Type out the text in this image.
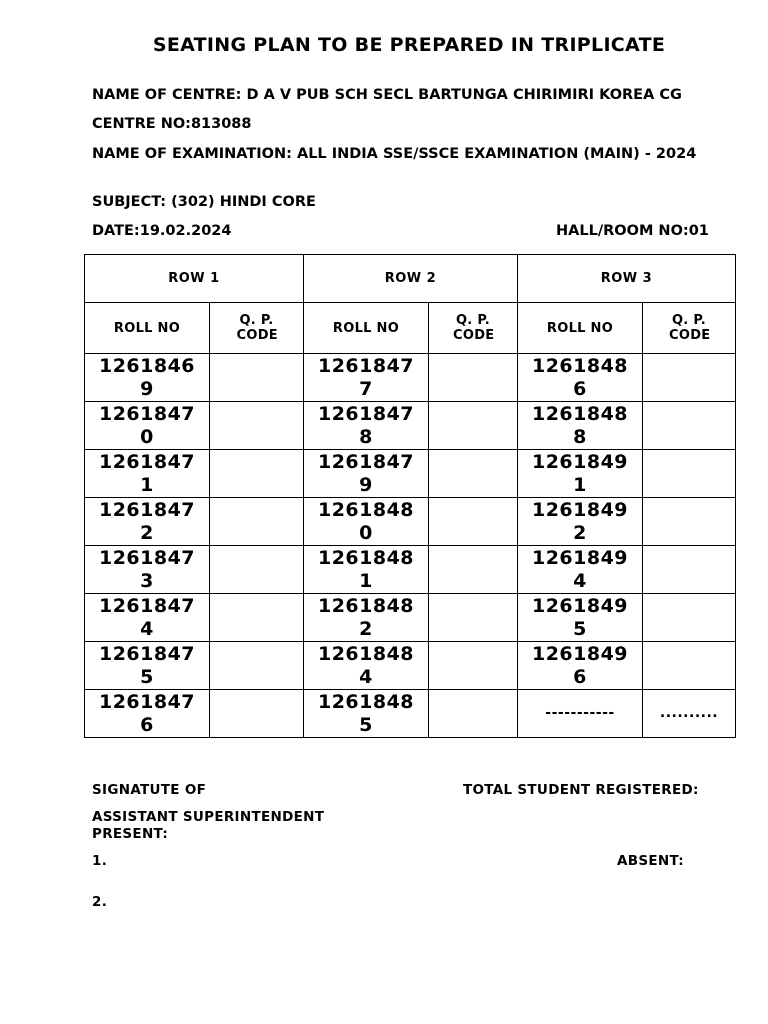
SEATING PLAN TO BE PREPARED IN TRIPLICATE
NAME OF CENTRE: D A V PUB SCH SECL BARTUNGA CHIRIMIRI KOREA CG
CENTRE NO:813088
NAME OF EXAMINATION: ALL INDIA SSE/SSCE EXAMINATION (MAIN) - 2024
SUBJECT: (302) HINDI CORE
DATE:19.02.2024	HALL/ROOM NO:01
ROW 1		ROW 2		ROW 3	
ROLL NO	Q. P. CODE	ROLL NO	Q. P. CODE	ROLL NO	Q. P. CODE
12618469		12618477		12618486	
12618470		12618478		12618488	
12618471		12618479		12618491	
12618472		12618480		12618492	
12618473		12618481		12618494	
12618474		12618482		12618495	
12618475		12618484		12618496	
12618476		12618485		-----------	..........
SIGNATUTE OF	TOTAL STUDENT REGISTERED:
ASSISTANT SUPERINTENDENT
PRESENT:
1.	ABSENT:
2.
